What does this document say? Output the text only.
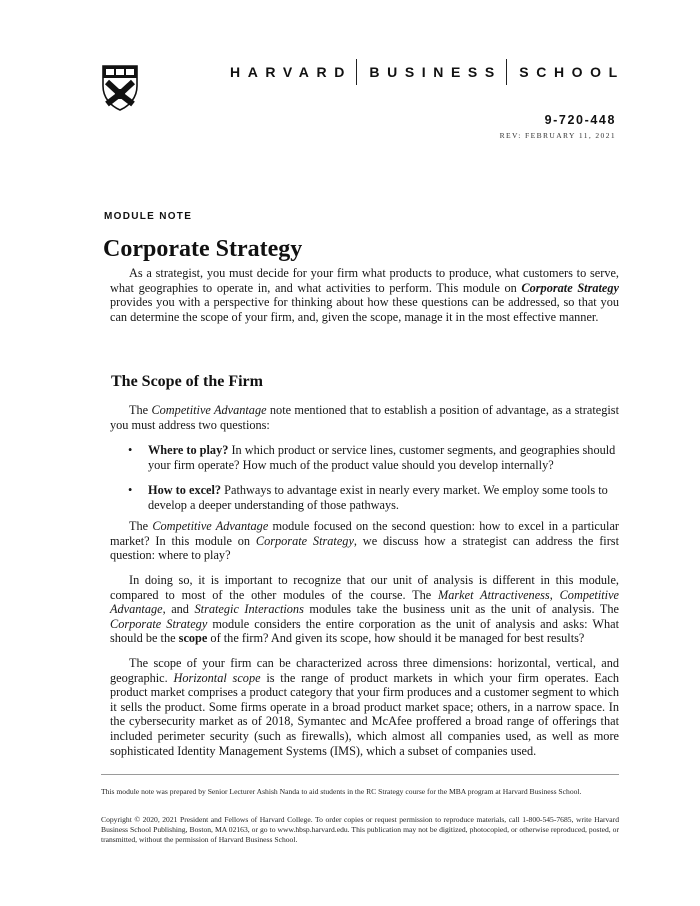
HARVARD BUSINESS SCHOOL
9-720-448
REV: FEBRUARY 11, 2021
MODULE NOTE
Corporate Strategy

As a strategist, you must decide for your firm what products to produce, what customers to serve, what geographies to operate in, and what activities to perform. This module on Corporate Strategy provides you with a perspective for thinking about how these questions can be addressed, so that you can determine the scope of your firm, and, given the scope, manage it in the most effective manner.

The Scope of the Firm

The Competitive Advantage note mentioned that to establish a position of advantage, as a strategist you must address two questions:

• Where to play? In which product or service lines, customer segments, and geographies should your firm operate? How much of the product value should you develop internally?
• How to excel? Pathways to advantage exist in nearly every market. We employ some tools to develop a deeper understanding of those pathways.

The Competitive Advantage module focused on the second question: how to excel in a particular market? In this module on Corporate Strategy, we discuss how a strategist can address the first question: where to play?

In doing so, it is important to recognize that our unit of analysis is different in this module, compared to most of the other modules of the course. The Market Attractiveness, Competitive Advantage, and Strategic Interactions modules take the business unit as the unit of analysis. The Corporate Strategy module considers the entire corporation as the unit of analysis and asks: What should be the scope of the firm? And given its scope, how should it be managed for best results?

The scope of your firm can be characterized across three dimensions: horizontal, vertical, and geographic. Horizontal scope is the range of product markets in which your firm operates. Each product market comprises a product category that your firm produces and a customer segment to which it sells the product. Some firms operate in a broad product market space; others, in a narrow space. In the cybersecurity market as of 2018, Symantec and McAfee proffered a broad range of offerings that included perimeter security (such as firewalls), which almost all companies used, as well as more sophisticated Identity Management Systems (IMS), which a subset of companies used.

This module note was prepared by Senior Lecturer Ashish Nanda to aid students in the RC Strategy course for the MBA program at Harvard Business School.
Copyright © 2020, 2021 President and Fellows of Harvard College. To order copies or request permission to reproduce materials, call 1-800-545-7685, write Harvard Business School Publishing, Boston, MA 02163, or go to www.hbsp.harvard.edu. This publication may not be digitized, photocopied, or otherwise reproduced, posted, or transmitted, without the permission of Harvard Business School.
